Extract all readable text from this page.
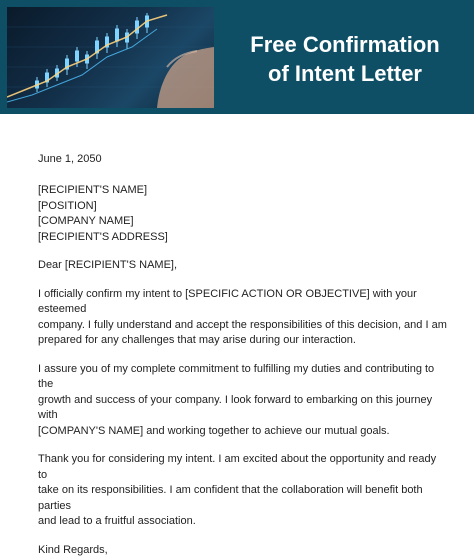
Free Confirmation
of Intent Letter

June 1, 2050

[RECIPIENT'S NAME]

[POSITION]

[COMPANY NAME]

[RECIPIENT'S ADDRESS]

Dear [RECIPIENT'S NAME],

I officially confirm my intent to [SPECIFIC ACTION OR OBJECTIVE] with your esteemed

company. I fully understand and accept the responsibilities of this decision, and I am

prepared for any challenges that may arise during our interaction.

I assure you of my complete commitment to fulfilling my duties and contributing to the

growth and success of your company. I look forward to embarking on this journey with

[COMPANY'S NAME] and working together to achieve our mutual goals.

Thank you for considering my intent. I am excited about the opportunity and ready to

take on its responsibilities. I am confident that the collaboration will benefit both parties

and lead to a fruitful association.

Kind Regards,
